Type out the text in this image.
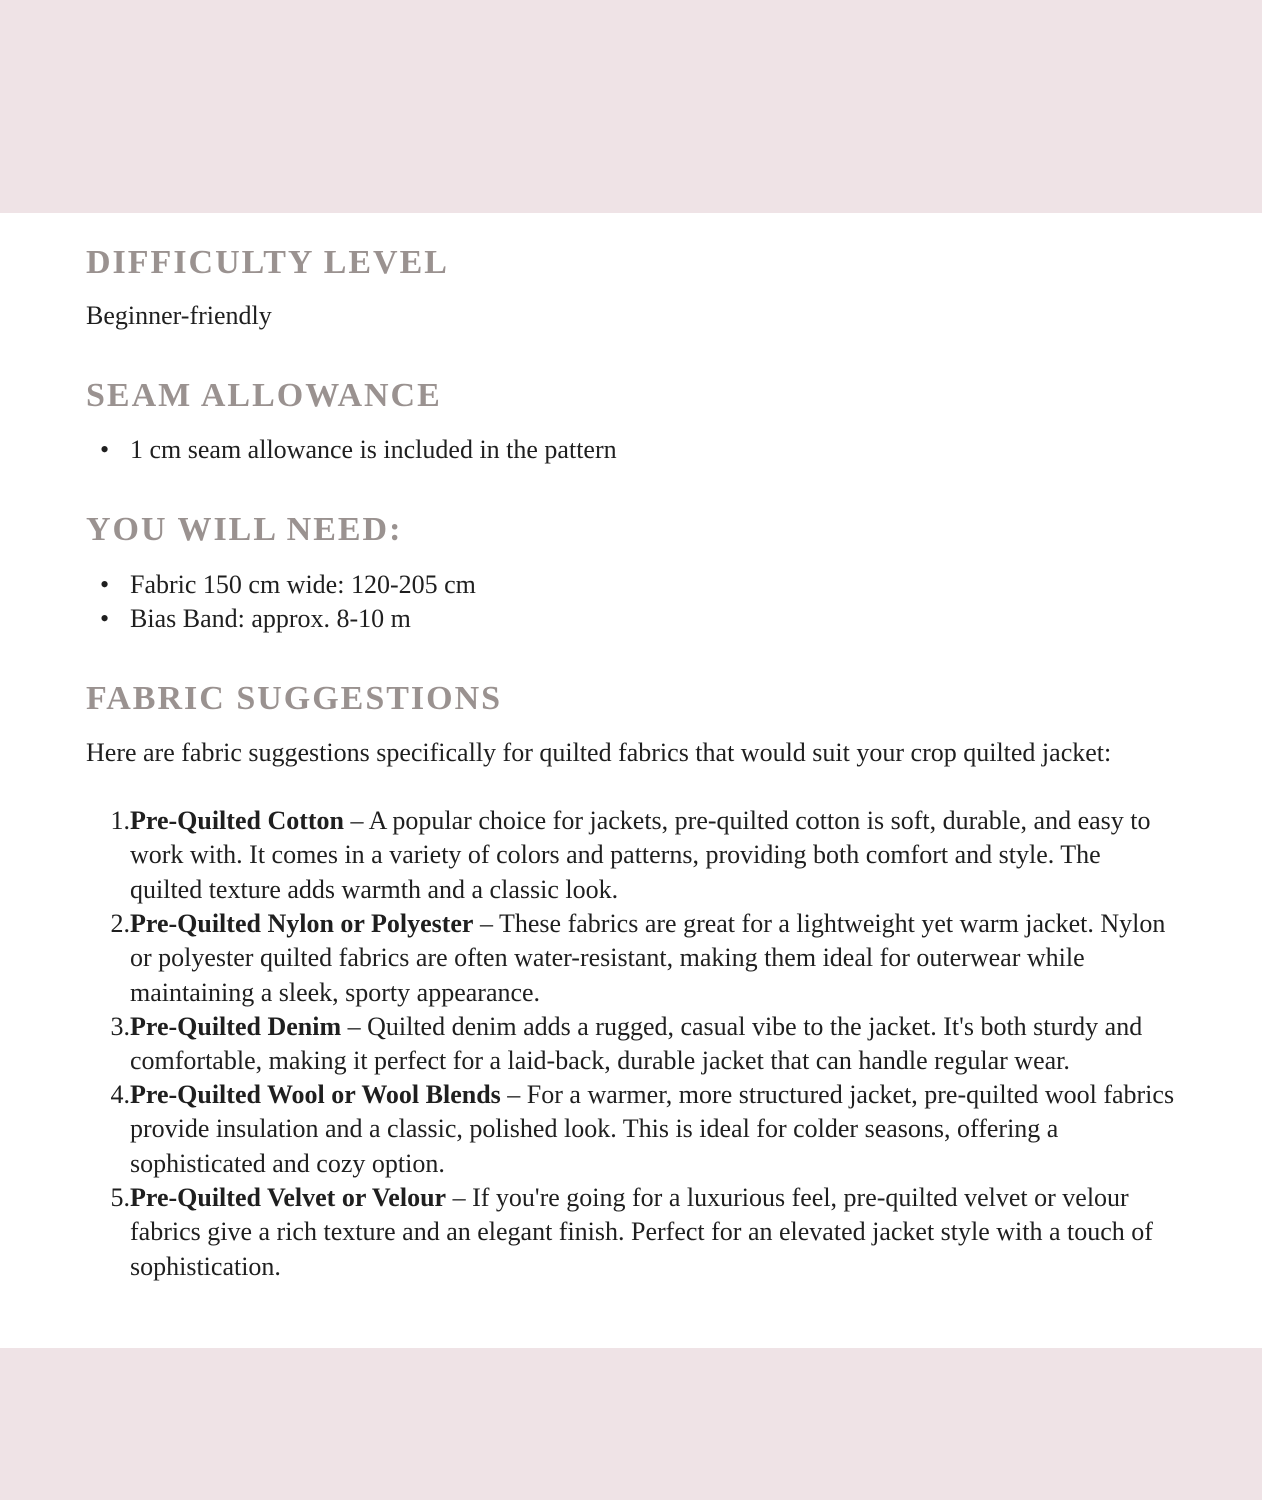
DIFFICULTY LEVEL
Beginner-friendly
SEAM ALLOWANCE
• 1 cm seam allowance is included in the pattern
YOU WILL NEED:
• Fabric 150 cm wide: 120-205 cm
• Bias Band: approx. 8-10 m
FABRIC SUGGESTIONS
Here are fabric suggestions specifically for quilted fabrics that would suit your crop quilted jacket:
1. Pre-Quilted Cotton – A popular choice for jackets, pre-quilted cotton is soft, durable, and easy to work with. It comes in a variety of colors and patterns, providing both comfort and style. The quilted texture adds warmth and a classic look.
2. Pre-Quilted Nylon or Polyester – These fabrics are great for a lightweight yet warm jacket. Nylon or polyester quilted fabrics are often water-resistant, making them ideal for outerwear while maintaining a sleek, sporty appearance.
3. Pre-Quilted Denim – Quilted denim adds a rugged, casual vibe to the jacket. It's both sturdy and comfortable, making it perfect for a laid-back, durable jacket that can handle regular wear.
4. Pre-Quilted Wool or Wool Blends – For a warmer, more structured jacket, pre-quilted wool fabrics provide insulation and a classic, polished look. This is ideal for colder seasons, offering a sophisticated and cozy option.
5. Pre-Quilted Velvet or Velour – If you're going for a luxurious feel, pre-quilted velvet or velour fabrics give a rich texture and an elegant finish. Perfect for an elevated jacket style with a touch of sophistication.
